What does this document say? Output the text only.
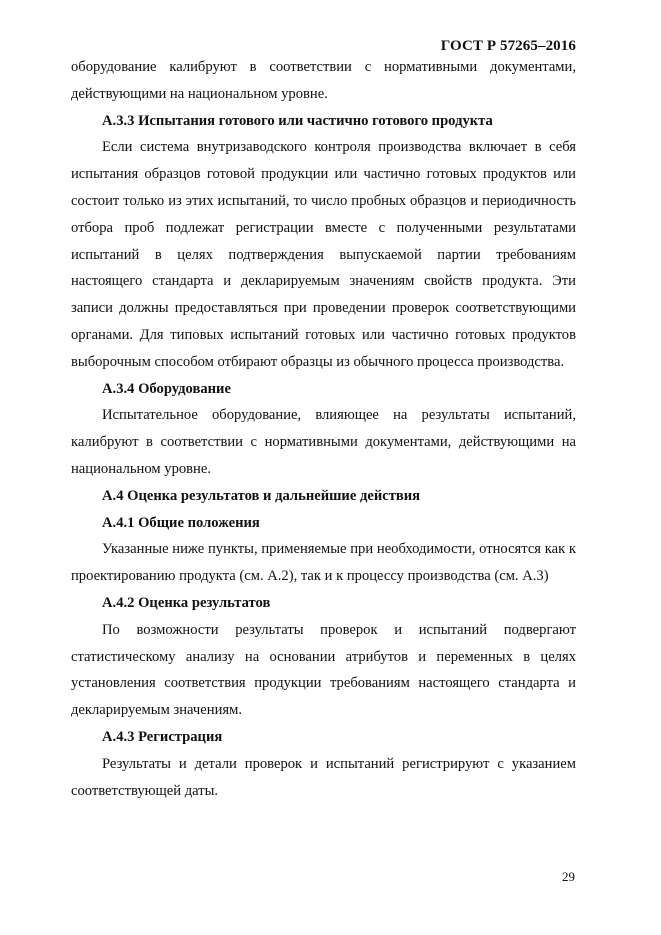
ГОСТ Р 57265–2016

оборудование калибруют в соответствии с нормативными документами, действующими на национальном уровне.

А.3.3 Испытания готового или частично готового продукта

Если система внутризаводского контроля производства включает в себя испытания образцов готовой продукции или частично готовых продуктов или состоит только из этих испытаний, то число пробных образцов и периодичность отбора проб подлежат регистрации вместе с полученными результатами испытаний в целях подтверждения выпускаемой партии требованиям настоящего стандарта и декларируемым значениям свойств продукта. Эти записи должны предоставляться при проведении проверок соответствующими органами. Для типовых испытаний готовых или частично готовых продуктов выборочным способом отбирают образцы из обычного процесса производства.

А.3.4 Оборудование

Испытательное оборудование, влияющее на результаты испытаний, калибруют в соответствии с нормативными документами, действующими на национальном уровне.

А.4 Оценка результатов и дальнейшие действия

А.4.1 Общие положения

Указанные ниже пункты, применяемые при необходимости, относятся как к проектированию продукта (см. А.2), так и к процессу производства (см. А.3)

А.4.2 Оценка результатов

По возможности результаты проверок и испытаний подвергают статистическому анализу на основании атрибутов и переменных в целях установления соответствия продукции требованиям настоящего стандарта и декларируемым значениям.

А.4.3 Регистрация

Результаты и детали проверок и испытаний регистрируют с указанием соответствующей даты.

29
